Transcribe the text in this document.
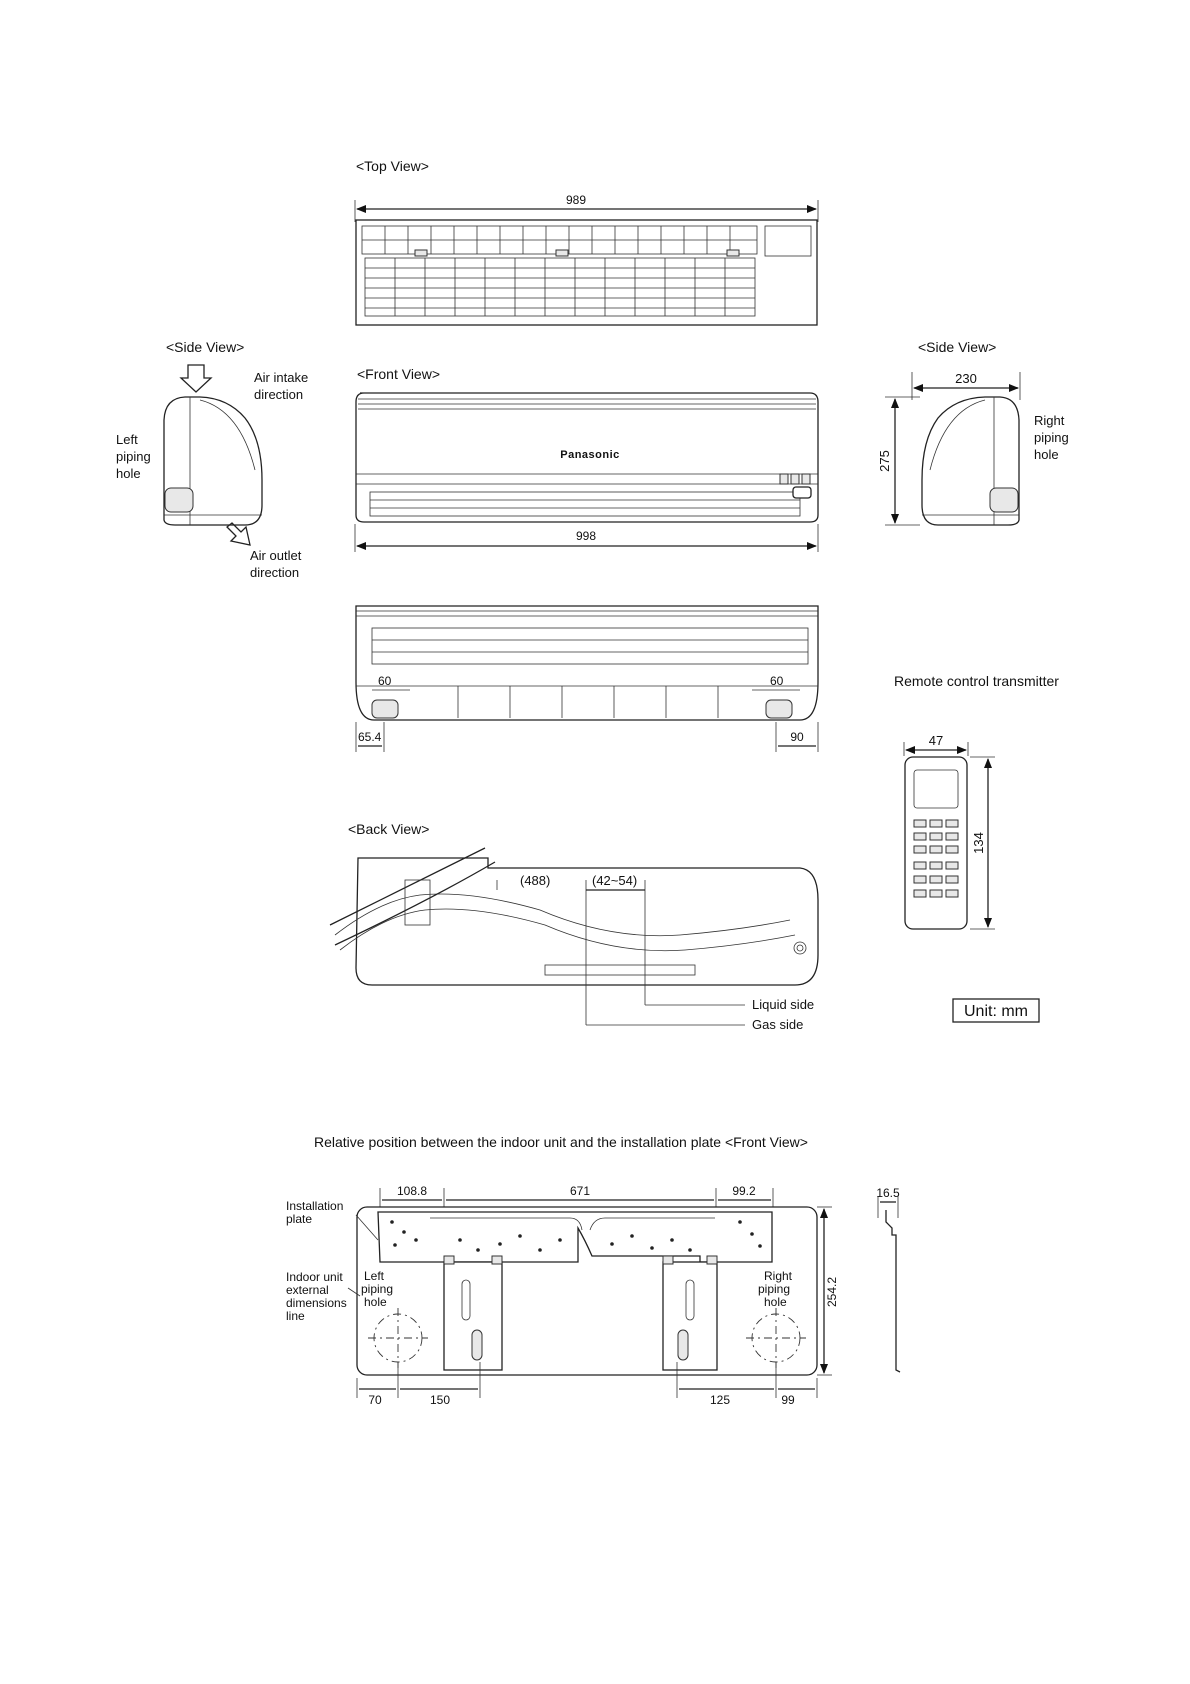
<Top View>
989
<Side View>
Air intake
direction
Left
piping
hole
Air outlet
direction
<Front View>
Panasonic
998
<Side View>
230
275
Right
piping
hole
60	60
65.4	90
Remote control transmitter
47
134
<Back View>
(488)	(42~54)
Liquid side
Gas side
Unit: mm
Relative position between the indoor unit and the installation plate <Front View>
108.8	671	99.2
Installation
plate
Indoor unit
external
dimensions
line
Left
piping
hole
Right
piping
hole	254.2
16.5
70	150	125	99
